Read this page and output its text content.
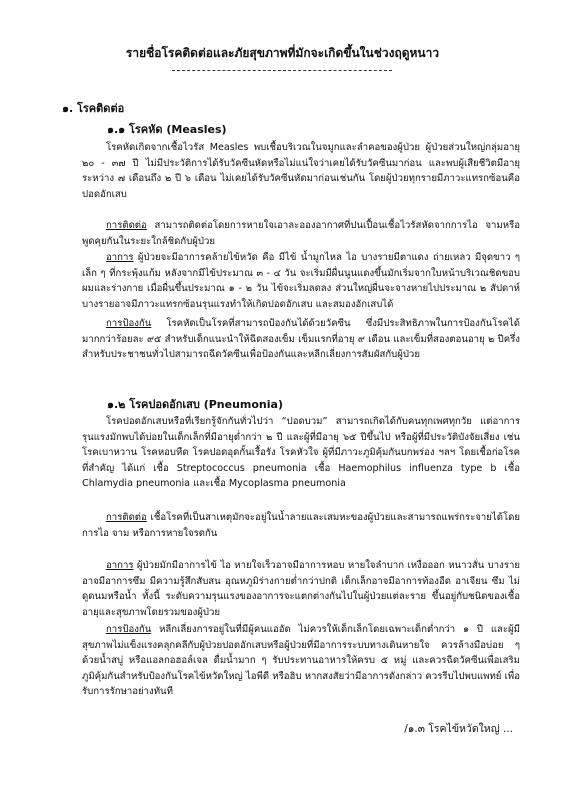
รายชื่อโรคติดต่อและภัยสุขภาพที่มักจะเกิดขึ้นในช่วงฤดูหนาว
๑. โรคติดต่อ
๑.๑ โรคหัด (Measles)
โรคหัดเกิดจากเชื้อไวรัส Measles พบเชื้อบริเวณในจมูกและลำคอของผู้ป่วย ผู้ป่วยส่วนใหญ่กลุ่มอายุ ๒๐ - ๓๗ ปี ไม่มีประวัติการได้รับวัคซีนหัดหรือไม่แน่ใจว่าเคยได้รับวัคซีนมาก่อน และพบผู้เสียชีวิตมีอายุระหว่าง ๗ เดือนถึง ๒ ปี ๖ เดือน ไม่เคยได้รับวัคซีนหัดมาก่อนเช่นกัน โดยผู้ป่วยทุกรายมีภาวะแทรกซ้อนคือ ปอดอักเสบ
การติดต่อ สามารถติดต่อโดยการหายใจเอาละอองอากาศที่ปนเปื้อนเชื้อไวรัสหัดจากการไอ จามหรือพูดคุยกันในระยะใกล้ชิดกับผู้ป่วย
อาการ ผู้ป่วยจะมีอาการคล้ายไข้หวัด คือ มีไข้ น้ำมูกไหล ไอ บางรายมีตาแดง ถ่ายเหลว มีจุดขาว ๆ เล็ก ๆ ที่กระพุ้งแก้ม หลังจากมีไข้ประมาณ ๓ - ๔ วัน จะเริ่มมีผื่นนูนแดงขึ้นมักเริ่มจากใบหน้าบริเวณชิดขอบผมและร่างกาย เมื่อผื่นขึ้นประมาณ ๑ - ๒ วัน ไข้จะเริ่มลดลง ส่วนใหญ่ผื่นจะจางหายไปประมาณ ๒ สัปดาห์ บางรายอาจมีภาวะแทรกซ้อนรุนแรงทำให้เกิดปอดอักเสบ และสมองอักเสบได้
การป้องกัน โรคหัดเป็นโรคที่สามารถป้องกันได้ด้วยวัคซีน ซึ่งมีประสิทธิภาพในการป้องกันโรคได้มากกว่าร้อยละ ๙๕ สำหรับเด็กแนะนำให้ฉีดสองเข็ม เข็มแรกที่อายุ ๙ เดือน และเข็มที่สองตอนอายุ ๒ ปีครึ่ง สำหรับประชาชนทั่วไปสามารถฉีดวัคซีนเพื่อป้องกันและหลีกเลี่ยงการสัมผัสกับผู้ป่วย
๑.๒ โรคปอดอักเสบ (Pneumonia)
โรคปอดอักเสบหรือที่เรียกรู้จักกันทั่วไปว่า “ปอดบวม” สามารถเกิดได้กับคนทุกเพศทุกวัย แต่อาการรุนแรงมักพบได้บ่อยในเด็กเล็กที่มีอายุต่ำกว่า ๒ ปี และผู้ที่มีอายุ ๖๕ ปีขึ้นไป หรือผู้ที่มีประวัติบังจัยเสี่ยง เช่น โรคเบาหวาน โรคหอบหืด โรคปอดอุดกั้นเรื้อรัง โรคหัวใจ ผู้ที่มีภาวะภูมิคุ้มกันบกพร่อง ฯลฯ โดยเชื้อก่อโรคที่สำคัญ ได้แก่ เชื้อ Streptococcus pneumonia เชื้อ Haemophilus influenza type b เชื้อ Chlamydia pneumonia และเชื้อ Mycoplasma pneumonia
การติดต่อ เชื้อโรคที่เป็นสาเหตุมักจะอยู่ในน้ำลายและเสมหะของผู้ป่วยและสามารถแพร่กระจายได้โดยการไอ จาม หรือการหายใจรดกัน
อาการ ผู้ป่วยมักมีอาการไข้ ไอ หายใจเร็วอาจมีอาการหอบ หายใจลำบาก เหงื่อออก หนาวสั่น บางรายอาจมีอาการซึม มีความรู้สึกสับสน อุณหภูมิร่างกายต่ำกว่าปกติ เด็กเล็กอาจมีอาการท้องอืด อาเจียน ซึม ไม่ดูดนมหรือน้ำ ทั้งนี้ ระดับความรุนแรงของอาการจะแตกต่างกันไปในผู้ป่วยแต่ละราย ขึ้นอยู่กับชนิดของเชื้อ อายุและสุขภาพโดยรวมของผู้ป่วย
การป้องกัน หลีกเลี่ยงการอยู่ในที่มีผู้คนแออัด ไม่ควรให้เด็กเล็กโดยเฉพาะเด็กต่ำกว่า ๑ ปี และผู้มีสุขภาพไม่แข็งแรงคลุกคลีกับผู้ป่วยปอดอักเสบหรือผู้ป่วยที่มีอาการระบบทางเดินหายใจ ควรล้างมือบ่อย ๆ ด้วยน้ำสบู่ หรือแอลกอฮอล์เจล ดื่มน้ำมาก ๆ รับประทานอาหารให้ครบ ๕ หมู่ และควรฉีดวัคซีนเพื่อเสริมภูมิคุ้มกันสำหรับป้องกันโรคไข้หวัดใหญ่ ไอพีดี หรือฮิบ หากสงสัยว่ามีอาการดังกล่าว ควรรีบไปพบแพทย์ เพื่อรับการรักษาอย่างทันที
/๑.๓ โรคไข้หวัดใหญ่ ...
